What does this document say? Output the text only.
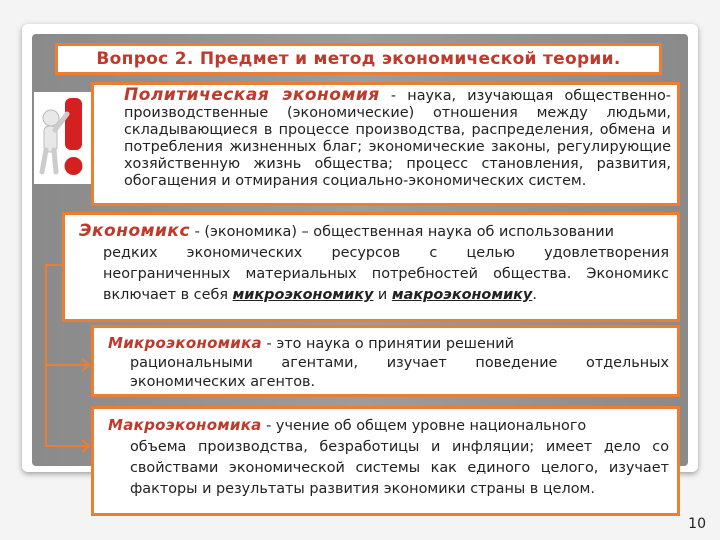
Вопрос 2. Предмет и метод экономической теории.
Политическая экономия - наука, изучающая общественно-производственные (экономические) отношения между людьми, складывающиеся в процессе производства, распределения, обмена и потребления жизненных благ; экономические законы, регулирующие хозяйственную жизнь общества; процесс становления, развития, обогащения и отмирания социально-экономических систем.
Экономикс - (экономика) – общественная наука об использовании
редких экономических ресурсов с целью удовлетворения неограниченных материальных потребностей общества. Экономикс включает в себя микроэкономику и макроэкономику.
Микроэкономика - это наука о принятии решений
рациональными агентами, изучает поведение отдельных экономических агентов.
Макроэкономика - учение об общем уровне национального
объема производства, безработицы и инфляции; имеет дело со свойствами экономической системы как единого целого, изучает факторы и результаты развития экономики страны в целом.
10
